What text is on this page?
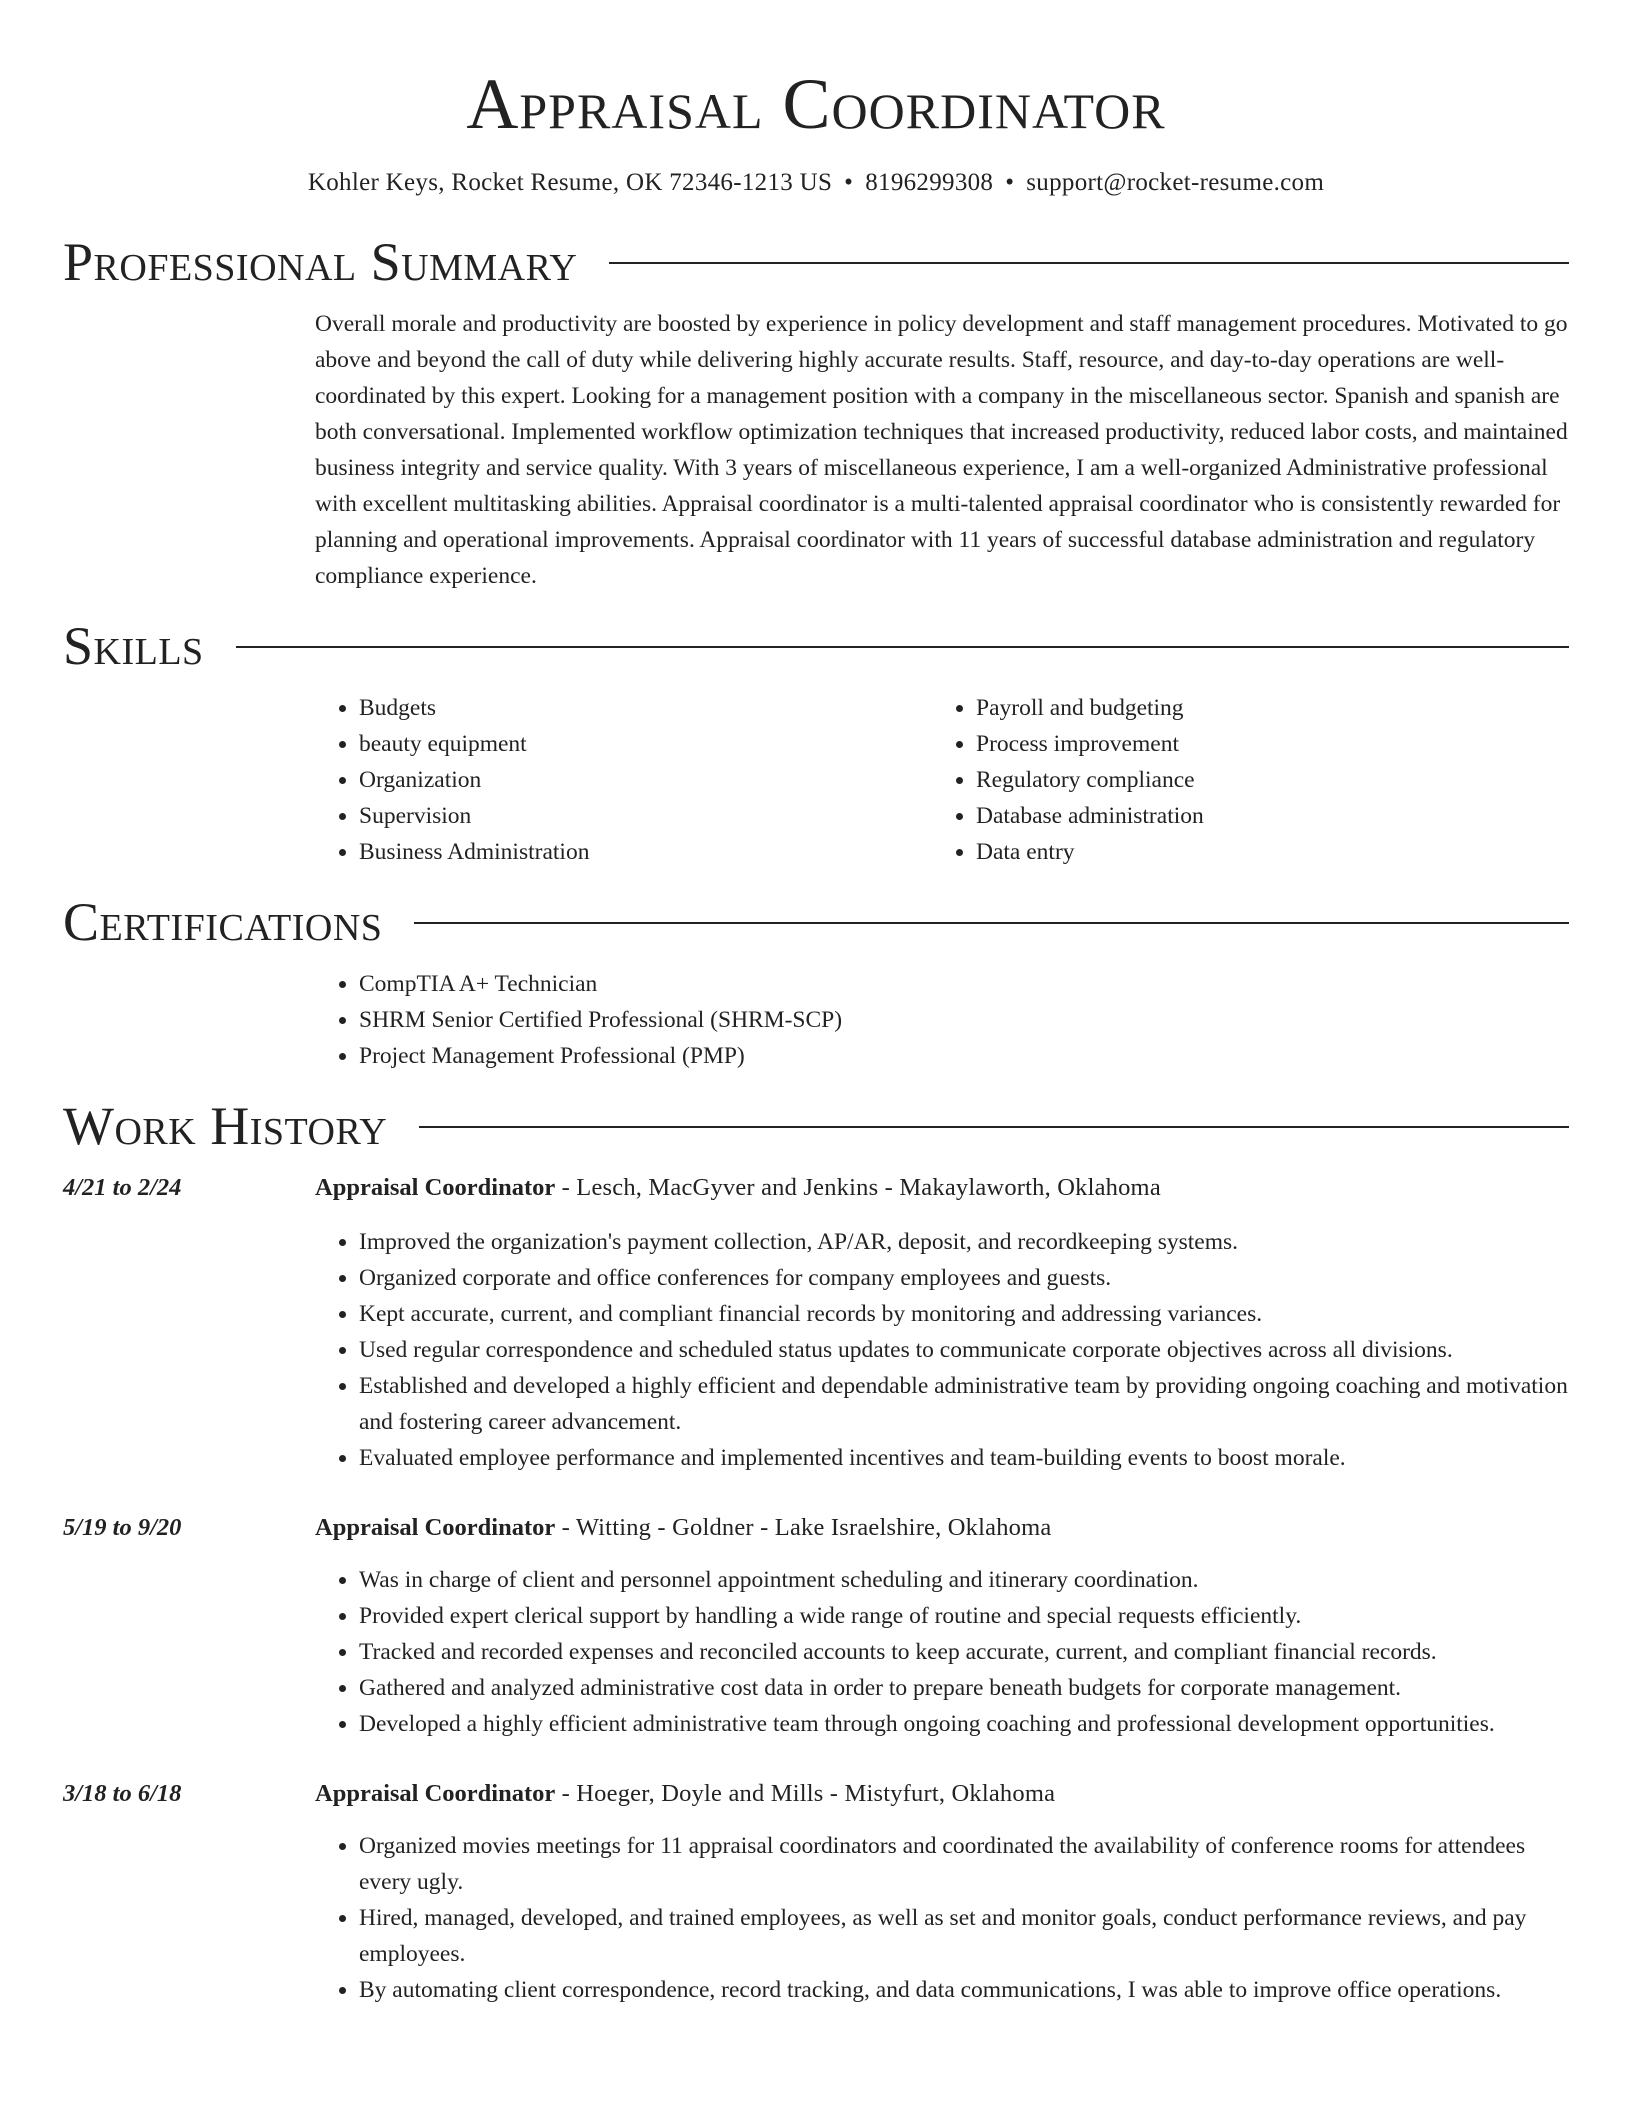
Appraisal Coordinator
Kohler Keys, Rocket Resume, OK 72346-1213 US • 8196299308 • support@rocket-resume.com
Professional Summary

Overall morale and productivity are boosted by experience in policy development and staff management procedures. Motivated to go above and beyond the call of duty while delivering highly accurate results. Staff, resource, and day-to-day operations are well-coordinated by this expert. Looking for a management position with a company in the miscellaneous sector. Spanish and spanish are both conversational. Implemented workflow optimization techniques that increased productivity, reduced labor costs, and maintained business integrity and service quality. With 3 years of miscellaneous experience, I am a well-organized Administrative professional with excellent multitasking abilities. Appraisal coordinator is a multi-talented appraisal coordinator who is consistently rewarded for planning and operational improvements. Appraisal coordinator with 11 years of successful database administration and regulatory compliance experience.

Skills
• Budgets
• beauty equipment
• Organization
• Supervision
• Business Administration
• Payroll and budgeting
• Process improvement
• Regulatory compliance
• Database administration
• Data entry
Certifications
• CompTIA A+ Technician
• SHRM Senior Certified Professional (SHRM-SCP)
• Project Management Professional (PMP)
Work History
4/21 to 2/24	Appraisal Coordinator - Lesch, MacGyver and Jenkins - Makaylaworth, Oklahoma
• Improved the organization's payment collection, AP/AR, deposit, and recordkeeping systems.
• Organized corporate and office conferences for company employees and guests.
• Kept accurate, current, and compliant financial records by monitoring and addressing variances.
• Used regular correspondence and scheduled status updates to communicate corporate objectives across all divisions.
• Established and developed a highly efficient and dependable administrative team by providing ongoing coaching and motivation and fostering career advancement.
• Evaluated employee performance and implemented incentives and team-building events to boost morale.
5/19 to 9/20	Appraisal Coordinator - Witting - Goldner - Lake Israelshire, Oklahoma
• Was in charge of client and personnel appointment scheduling and itinerary coordination.
• Provided expert clerical support by handling a wide range of routine and special requests efficiently.
• Tracked and recorded expenses and reconciled accounts to keep accurate, current, and compliant financial records.
• Gathered and analyzed administrative cost data in order to prepare beneath budgets for corporate management.
• Developed a highly efficient administrative team through ongoing coaching and professional development opportunities.
3/18 to 6/18	Appraisal Coordinator - Hoeger, Doyle and Mills - Mistyfurt, Oklahoma
• Organized movies meetings for 11 appraisal coordinators and coordinated the availability of conference rooms for attendees every ugly.
• Hired, managed, developed, and trained employees, as well as set and monitor goals, conduct performance reviews, and pay employees.
• By automating client correspondence, record tracking, and data communications, I was able to improve office operations.
